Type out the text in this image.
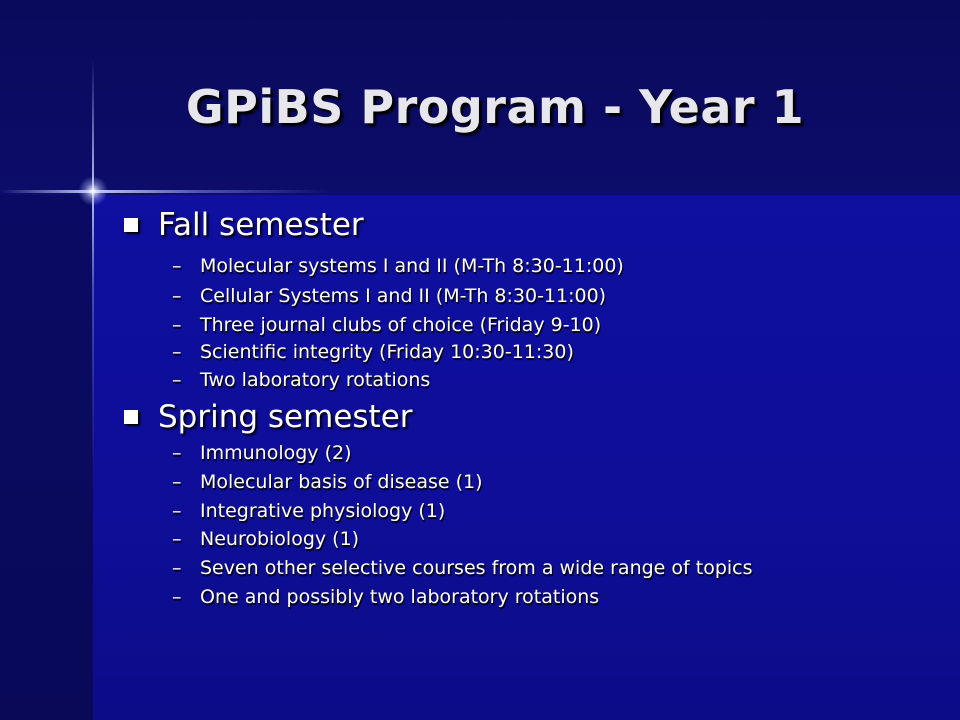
GPiBS Program - Year 1
Fall semester
– Molecular systems I and II (M-Th 8:30-11:00)
– Cellular Systems I and II (M-Th 8:30-11:00)
– Three journal clubs of choice (Friday 9-10)
– Scientific integrity (Friday 10:30-11:30)
– Two laboratory rotations
Spring semester
– Immunology (2)
– Molecular basis of disease (1)
– Integrative physiology (1)
– Neurobiology (1)
– Seven other selective courses from a wide range of topics
– One and possibly two laboratory rotations
